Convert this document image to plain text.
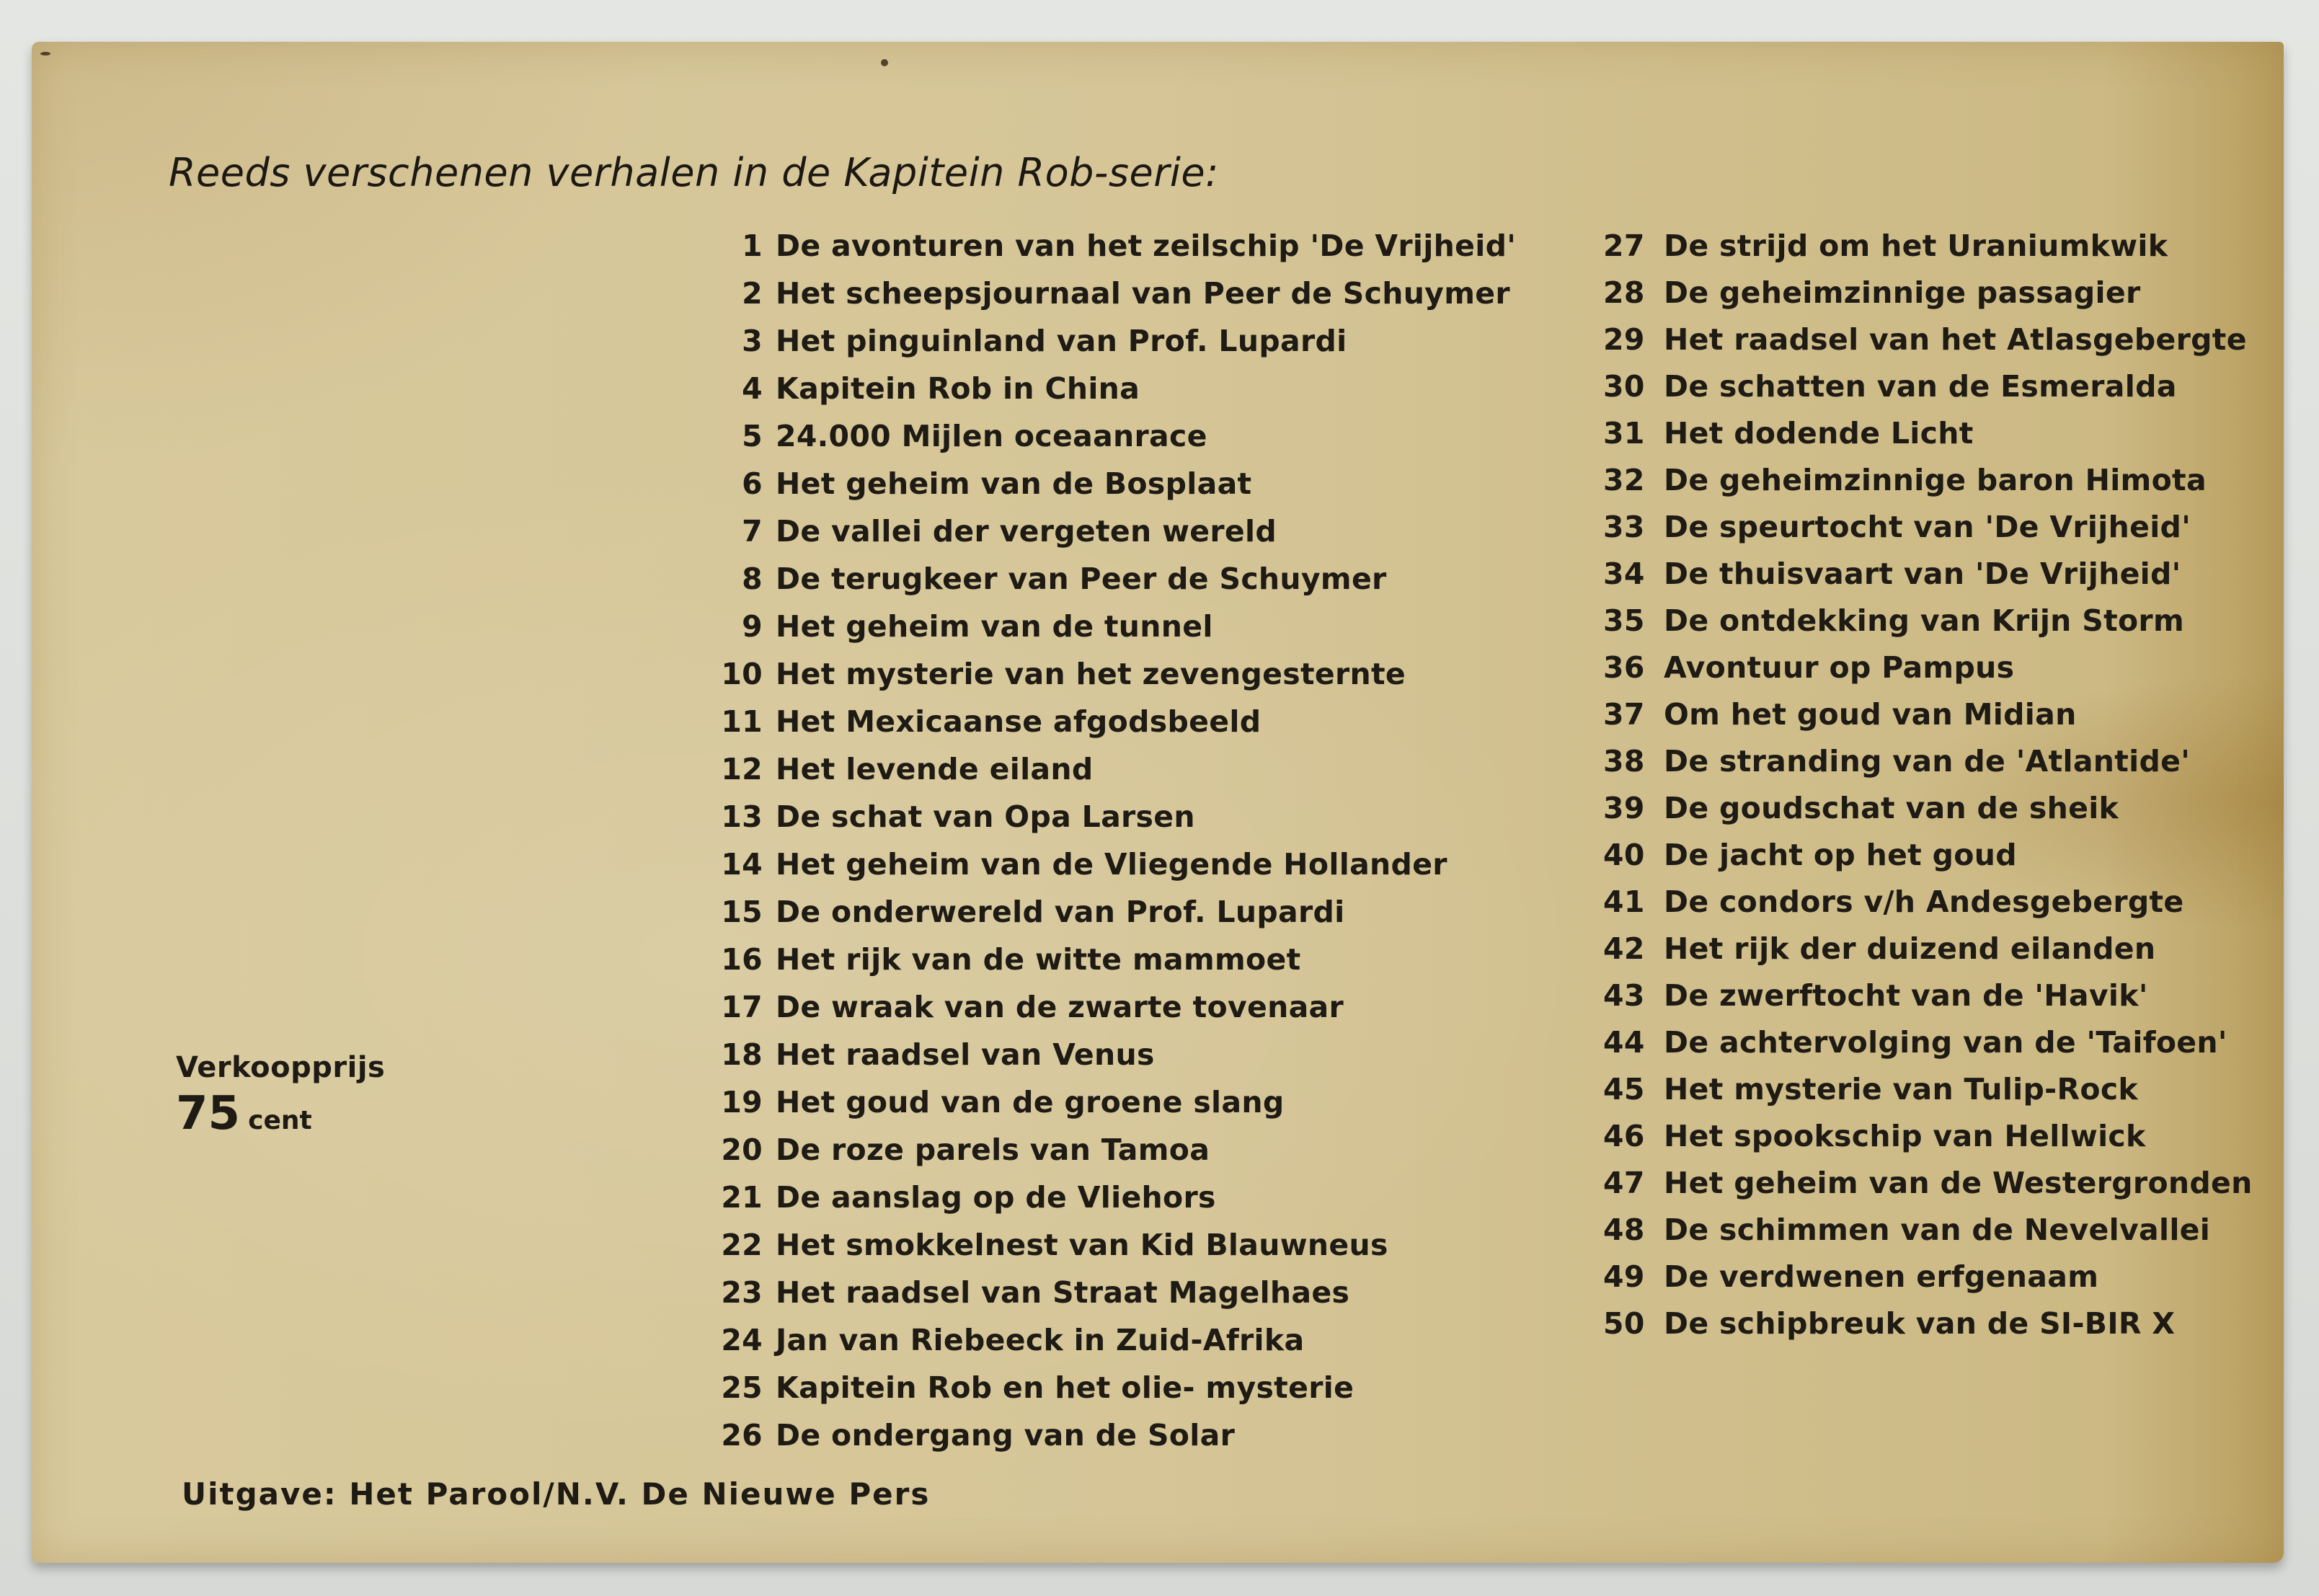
Reeds verschenen verhalen in de Kapitein Rob-serie:
1 De avonturen van het zeilschip 'De Vrijheid'
2 Het scheepsjournaal van Peer de Schuymer
3 Het pinguinland van Prof. Lupardi
4 Kapitein Rob in China
5 24.000 Mijlen oceaanrace
6 Het geheim van de Bosplaat
7 De vallei der vergeten wereld
8 De terugkeer van Peer de Schuymer
9 Het geheim van de tunnel
10 Het mysterie van het zevengesternte
11 Het Mexicaanse afgodsbeeld
12 Het levende eiland
13 De schat van Opa Larsen
14 Het geheim van de Vliegende Hollander
15 De onderwereld van Prof. Lupardi
16 Het rijk van de witte mammoet
17 De wraak van de zwarte tovenaar
18 Het raadsel van Venus
19 Het goud van de groene slang
20 De roze parels van Tamoa
21 De aanslag op de Vliehors
22 Het smokkelnest van Kid Blauwneus
23 Het raadsel van Straat Magelhaes
24 Jan van Riebeeck in Zuid-Afrika
25 Kapitein Rob en het olie- mysterie
26 De ondergang van de Solar
27 De strijd om het Uraniumkwik
28 De geheimzinnige passagier
29 Het raadsel van het Atlasgebergte
30 De schatten van de Esmeralda
31 Het dodende Licht
32 De geheimzinnige baron Himota
33 De speurtocht van 'De Vrijheid'
34 De thuisvaart van 'De Vrijheid'
35 De ontdekking van Krijn Storm
36 Avontuur op Pampus
37 Om het goud van Midian
38 De stranding van de 'Atlantide'
39 De goudschat van de sheik
40 De jacht op het goud
41 De condors v/h Andesgebergte
42 Het rijk der duizend eilanden
43 De zwerftocht van de 'Havik'
44 De achtervolging van de 'Taifoen'
45 Het mysterie van Tulip-Rock
46 Het spookschip van Hellwick
47 Het geheim van de Westergronden
48 De schimmen van de Nevelvallei
49 De verdwenen erfgenaam
50 De schipbreuk van de SI-BIR X
Verkoopprijs
75 cent
Uitgave: Het Parool/N.V. De Nieuwe Pers
